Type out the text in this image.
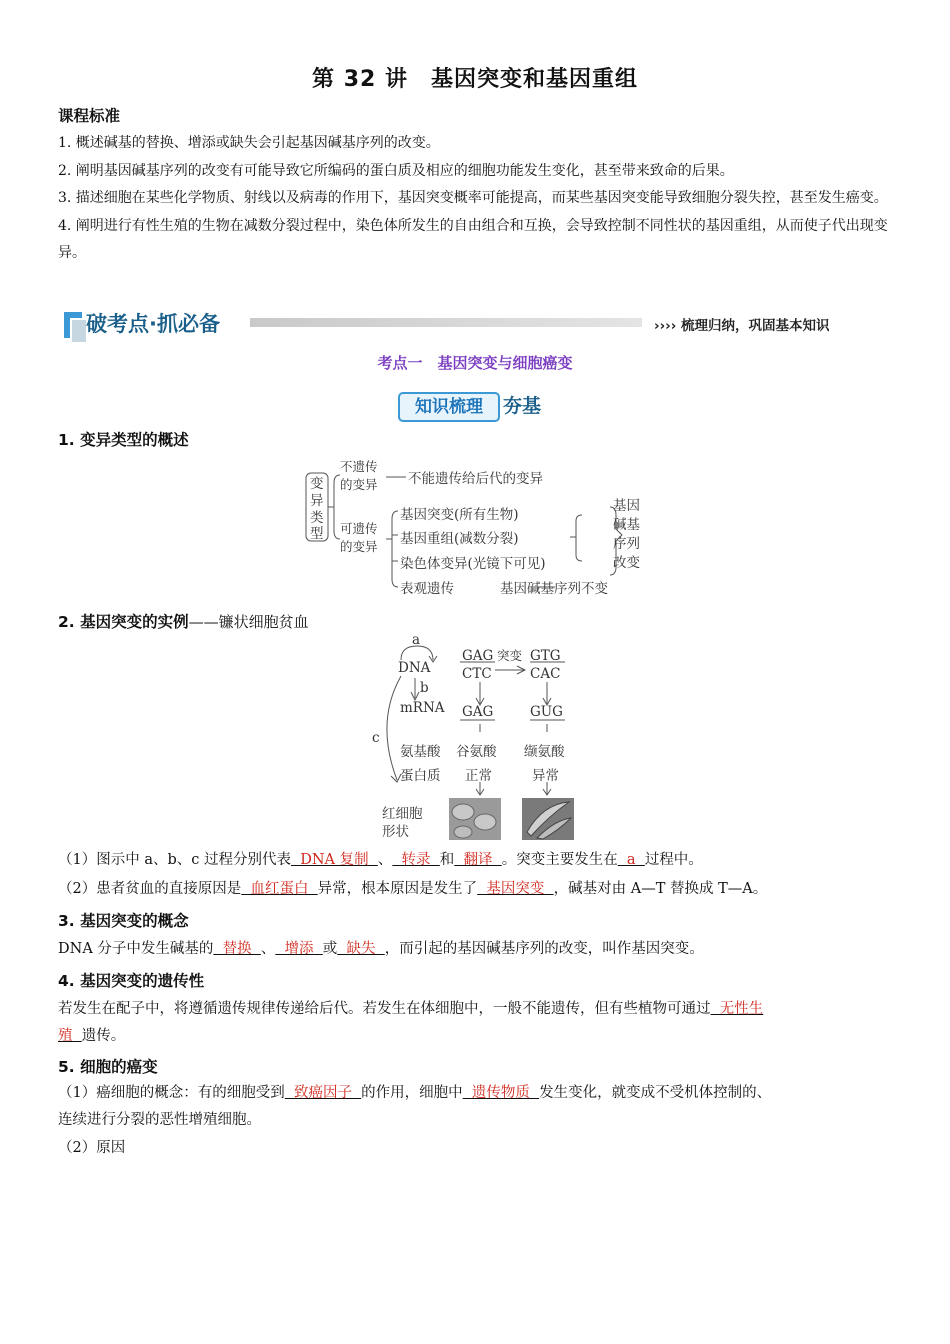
第 32 讲　基因突变和基因重组
课程标准
1. 概述碱基的替换、增添或缺失会引起基因碱基序列的改变。
2. 阐明基因碱基序列的改变有可能导致它所编码的蛋白质及相应的细胞功能发生变化，甚至带来致命的后果。
3. 描述细胞在某些化学物质、射线以及病毒的作用下，基因突变概率可能提高，而某些基因突变能导致细胞分裂失控，甚至发生癌变。
4. 阐明进行有性生殖的生物在减数分裂过程中，染色体所发生的自由组合和互换，会导致控制不同性状的基因重组，从而使子代出现变异。
破考点·抓必备	›››› 梳理归纳，巩固基本知识
考点一　基因突变与细胞癌变
知识梳理	夯基
1. 变异类型的概述
变
异
类
型
不遗传的变异	不能遗传给后代的变异
可遗传的变异
基因突变(所有生物)
基因重组(减数分裂)
染色体变异(光镜下可见)
表观遗传	基因碱基序列不变
基因碱基序列改变
2. 基因突变的实例——镰状细胞贫血
a
DNA
b
mRNA
c
氨基酸
蛋白质
GAG
CTC
突变 GTG
CAC
GAG	GUG
谷氨酸 缬氨酸
正常	异常
红细胞
形状
（1）图示中 a、b、c 过程分别代表  DNA 复制  、  转录  和  翻译  。突变主要发生在  a  过程中。
（2）患者贫血的直接原因是  血红蛋白  异常，根本原因是发生了  基因突变  ，碱基对由 A—T 替换成 T—A。
3. 基因突变的概念
DNA 分子中发生碱基的  替换  、  增添  或  缺失  ，而引起的基因碱基序列的改变，叫作基因突变。
4. 基因突变的遗传性
若发生在配子中，将遵循遗传规律传递给后代。若发生在体细胞中，一般不能遗传，但有些植物可通过  无性生
殖  遗传。
5. 细胞的癌变
（1）癌细胞的概念：有的细胞受到  致癌因子  的作用，细胞中  遗传物质  发生变化，就变成不受机体控制的、
连续进行分裂的恶性增殖细胞。
（2）原因
